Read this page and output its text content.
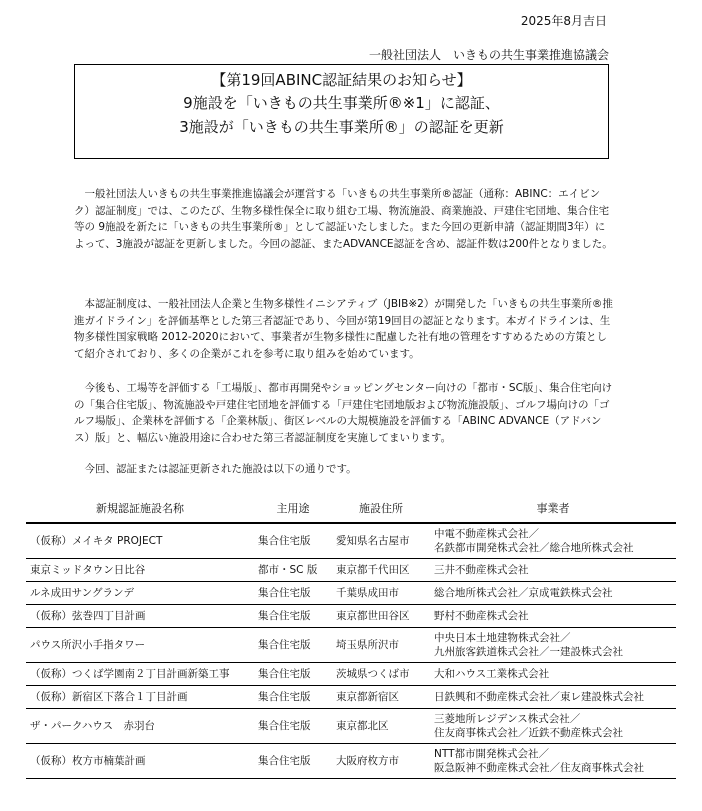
2025年8月吉日
一般社団法人　いきもの共生事業推進協議会
【第19回ABINC認証結果のお知らせ】
9施設を「いきもの共生事業所®※1」に認証、
3施設が「いきもの共生事業所®」の認証を更新

一般社団法人いきもの共生事業推進協議会が運営する「いきもの共生事業所®認証（通称：ABINC：エイビンク）認証制度」では、このたび、生物多様性保全に取り組む工場、物流施設、商業施設、戸建住宅団地、集合住宅等の 9施設を新たに「いきもの共生事業所®」として認証いたしました。また今回の更新申請（認証期間3年）によって、3施設が認証を更新しました。今回の認証、またADVANCE認証を含め、認証件数は200件となりました。

本認証制度は、一般社団法人企業と生物多様性イニシアティブ（JBIB※2）が開発した「いきもの共生事業所®推進ガイドライン」を評価基準とした第三者認証であり、今回が第19回目の認証となります。本ガイドラインは、生物多様性国家戦略 2012-2020において、事業者が生物多様性に配慮した社有地の管理をすすめるための方策として紹介されており、多くの企業がこれを参考に取り組みを始めています。

今後も、工場等を評価する「工場版」、都市再開発やショッピングセンター向けの「都市・SC版」、集合住宅向けの「集合住宅版」、物流施設や戸建住宅団地を評価する「戸建住宅団地版および物流施設版」、ゴルフ場向けの「ゴルフ場版」、企業林を評価する「企業林版」、街区レベルの大規模施設を評価する「ABINC ADVANCE（アドバンス）版」と、幅広い施設用途に合わせた第三者認証制度を実施してまいります。

今回、認証または認証更新された施設は以下の通りです。

新規認証施設名称	主用途	施設住所	事業者
（仮称）メイキタ PROJECT	集合住宅版	愛知県名古屋市	中電不動産株式会社／
名鉄都市開発株式会社／総合地所株式会社
東京ミッドタウン日比谷	都市・SC 版	東京都千代田区	三井不動産株式会社
ルネ成田サングランデ	集合住宅版	千葉県成田市	総合地所株式会社／京成電鉄株式会社
（仮称）弦巻四丁目計画	集合住宅版	東京都世田谷区	野村不動産株式会社
パウス所沢小手指タワー	集合住宅版	埼玉県所沢市	中央日本土地建物株式会社／
九州旅客鉄道株式会社／一建設株式会社
（仮称）つくば学園南２丁目計画新築工事	集合住宅版	茨城県つくば市	大和ハウス工業株式会社
（仮称）新宿区下落合１丁目計画	集合住宅版	東京都新宿区	日鉄興和不動産株式会社／東レ建設株式会社
ザ・パークハウス　赤羽台	集合住宅版	東京都北区	三菱地所レジデンス株式会社／
住友商事株式会社／近鉄不動産株式会社
（仮称）枚方市楠葉計画	集合住宅版	大阪府枚方市	NTT都市開発株式会社／
阪急阪神不動産株式会社／住友商事株式会社
